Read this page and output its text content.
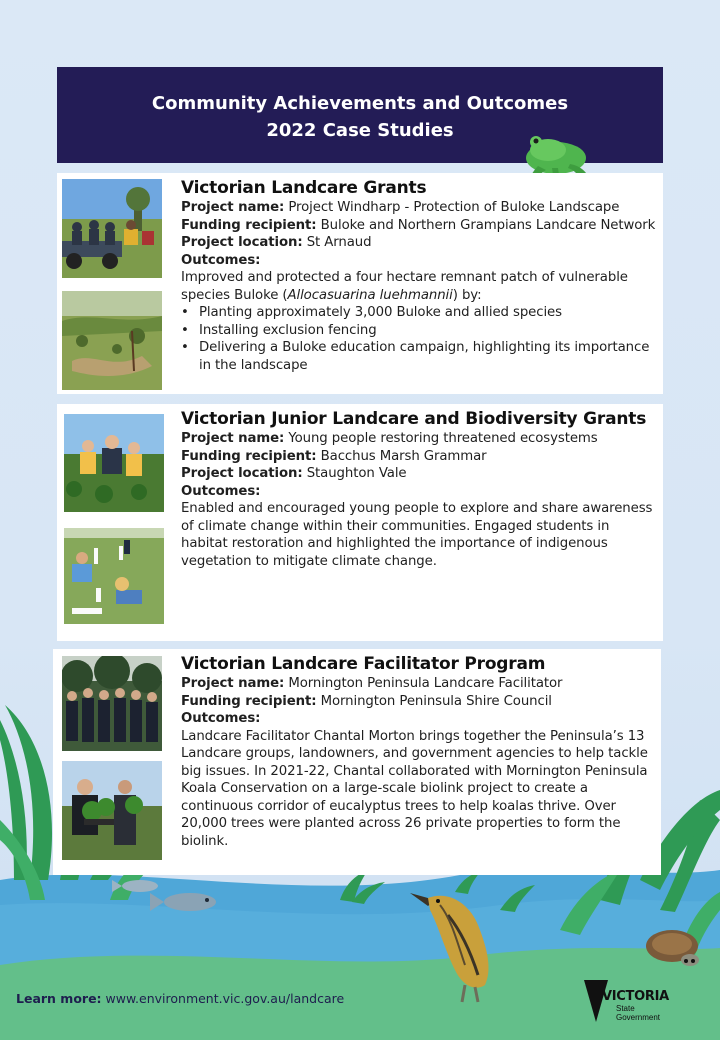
Community Achievements and Outcomes
2022 Case Studies
Victorian Landcare Grants

Project name: Project Windharp - Protection of Buloke Landscape

Funding recipient: Buloke and Northern Grampians Landcare Network

Project location: St Arnaud

Outcomes:

Improved and protected a four hectare remnant patch of vulnerable species Buloke (Allocasuarina luehmannii) by:

• Planting approximately 3,000 Buloke and allied species
• Installing exclusion fencing
• Delivering a Buloke education campaign, highlighting its importance in the landscape
Victorian Junior Landcare and Biodiversity Grants

Project name: Young people restoring threatened ecosystems

Funding recipient: Bacchus Marsh Grammar

Project location: Staughton Vale

Outcomes:

Enabled and encouraged young people to explore and share awareness of climate change within their communities. Engaged students in habitat restoration and highlighted the importance of indigenous vegetation to mitigate climate change.

Victorian Landcare Facilitator Program

Project name: Mornington Peninsula Landcare Facilitator

Funding recipient: Mornington Peninsula Shire Council

Outcomes:

Landcare Facilitator Chantal Morton brings together the Peninsula’s 13 Landcare groups, landowners, and government agencies to help tackle big issues. In 2021-22, Chantal collaborated with Mornington Peninsula Koala Conservation on a large-scale biolink project to create a continuous corridor of eucalyptus trees to help koalas thrive. Over 20,000 trees were planted across 26 private properties to form the biolink.

Learn more: www.environment.vic.gov.au/landcare	VICTORIA
State
Government
